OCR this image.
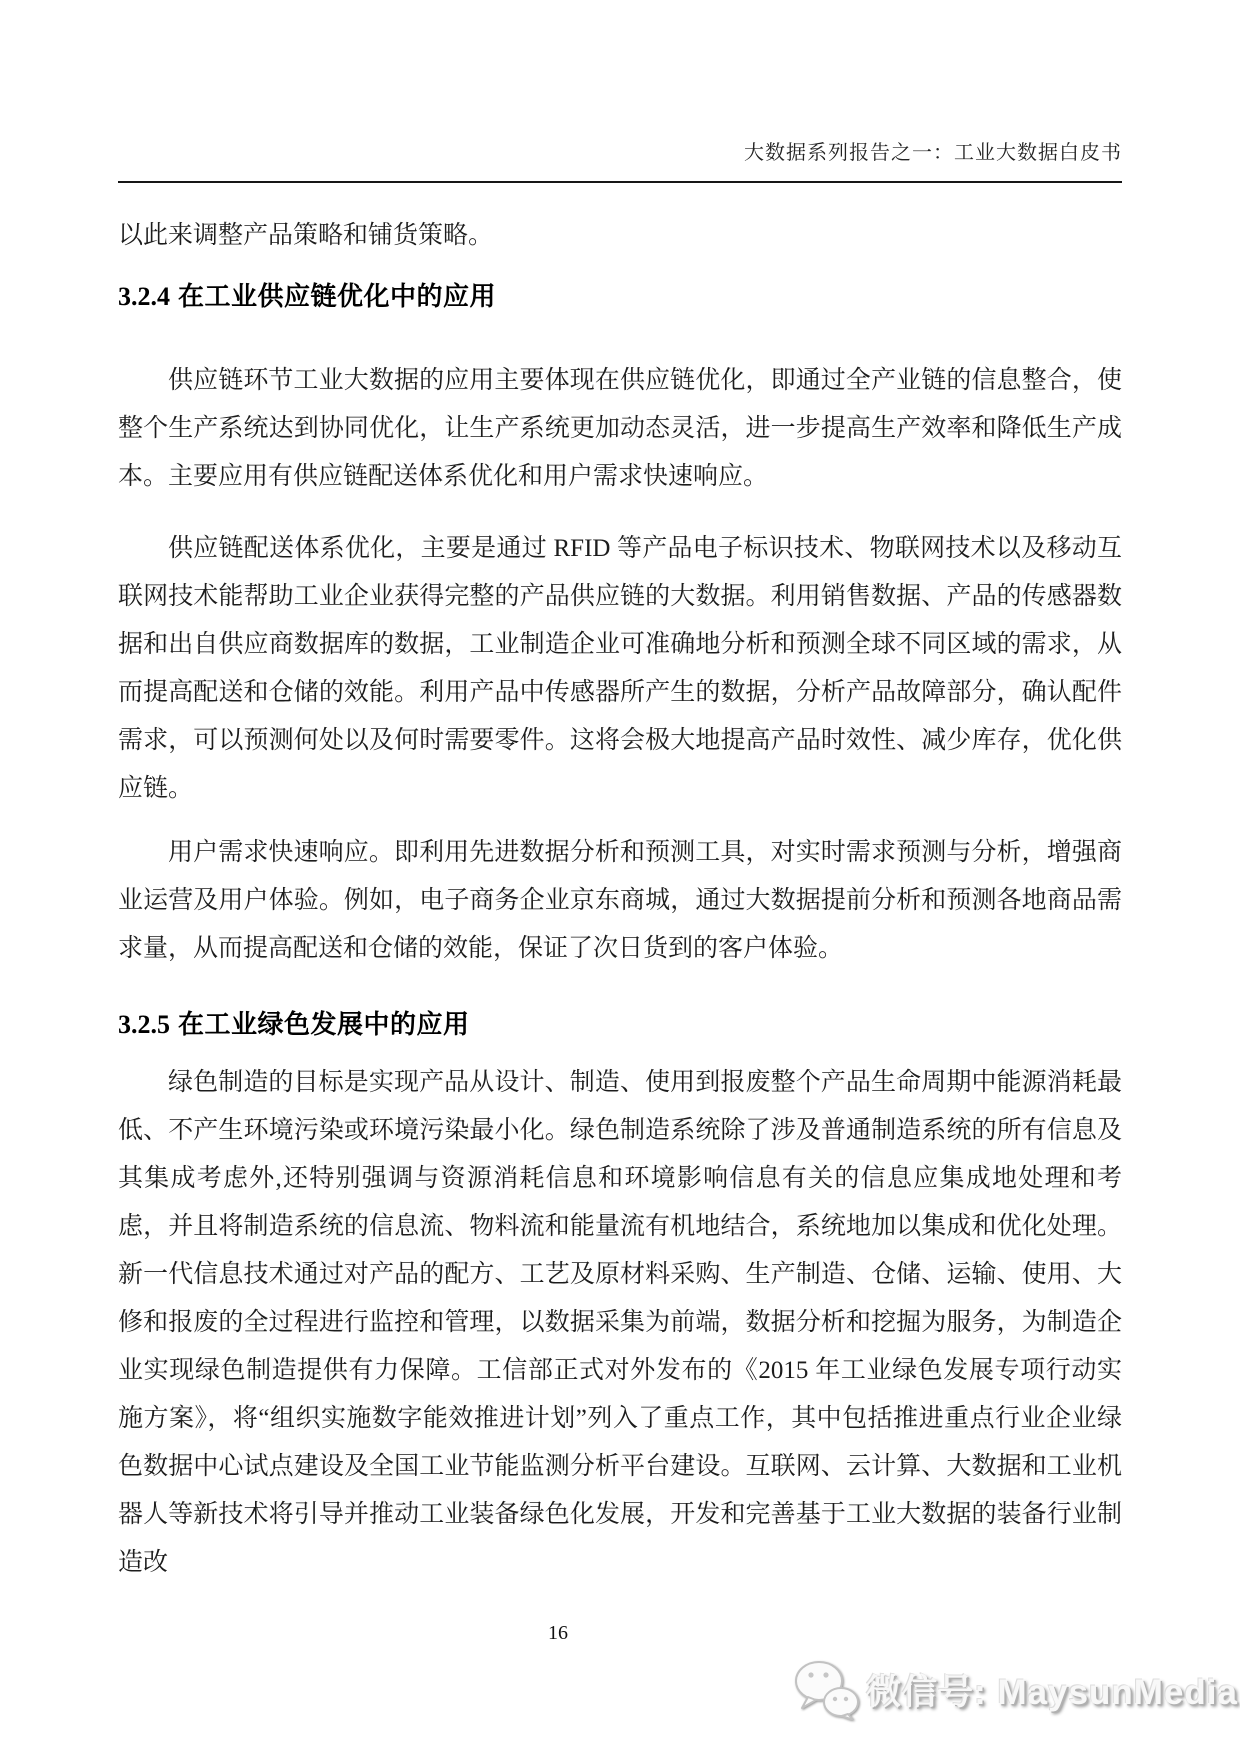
大数据系列报告之一：工业大数据白皮书

以此来调整产品策略和铺货策略。

3.2.4 在工业供应链优化中的应用

供应链环节工业大数据的应用主要体现在供应链优化，即通过全产业链的信息整合，使整个生产系统达到协同优化，让生产系统更加动态灵活，进一步提高生产效率和降低生产成本。主要应用有供应链配送体系优化和用户需求快速响应。

供应链配送体系优化，主要是通过 RFID 等产品电子标识技术、物联网技术以及移动互联网技术能帮助工业企业获得完整的产品供应链的大数据。利用销售数据、产品的传感器数据和出自供应商数据库的数据，工业制造企业可准确地分析和预测全球不同区域的需求，从而提高配送和仓储的效能。利用产品中传感器所产生的数据，分析产品故障部分，确认配件需求，可以预测何处以及何时需要零件。这将会极大地提高产品时效性、减少库存，优化供应链。

用户需求快速响应。即利用先进数据分析和预测工具，对实时需求预测与分析，增强商业运营及用户体验。例如，电子商务企业京东商城，通过大数据提前分析和预测各地商品需求量，从而提高配送和仓储的效能，保证了次日货到的客户体验。

3.2.5 在工业绿色发展中的应用

绿色制造的目标是实现产品从设计、制造、使用到报废整个产品生命周期中能源消耗最低、不产生环境污染或环境污染最小化。绿色制造系统除了涉及普通制造系统的所有信息及其集成考虑外,还特别强调与资源消耗信息和环境影响信息有关的信息应集成地处理和考虑，并且将制造系统的信息流、物料流和能量流有机地结合，系统地加以集成和优化处理。新一代信息技术通过对产品的配方、工艺及原材料采购、生产制造、仓储、运输、使用、大修和报废的全过程进行监控和管理，以数据采集为前端，数据分析和挖掘为服务，为制造企业实现绿色制造提供有力保障。工信部正式对外发布的《2015 年工业绿色发展专项行动实施方案》，将“组织实施数字能效推进计划”列入了重点工作，其中包括推进重点行业企业绿色数据中心试点建设及全国工业节能监测分析平台建设。互联网、云计算、大数据和工业机器人等新技术将引导并推动工业装备绿色化发展，开发和完善基于工业大数据的装备行业制造改

16
微信号: MaysunMedia
